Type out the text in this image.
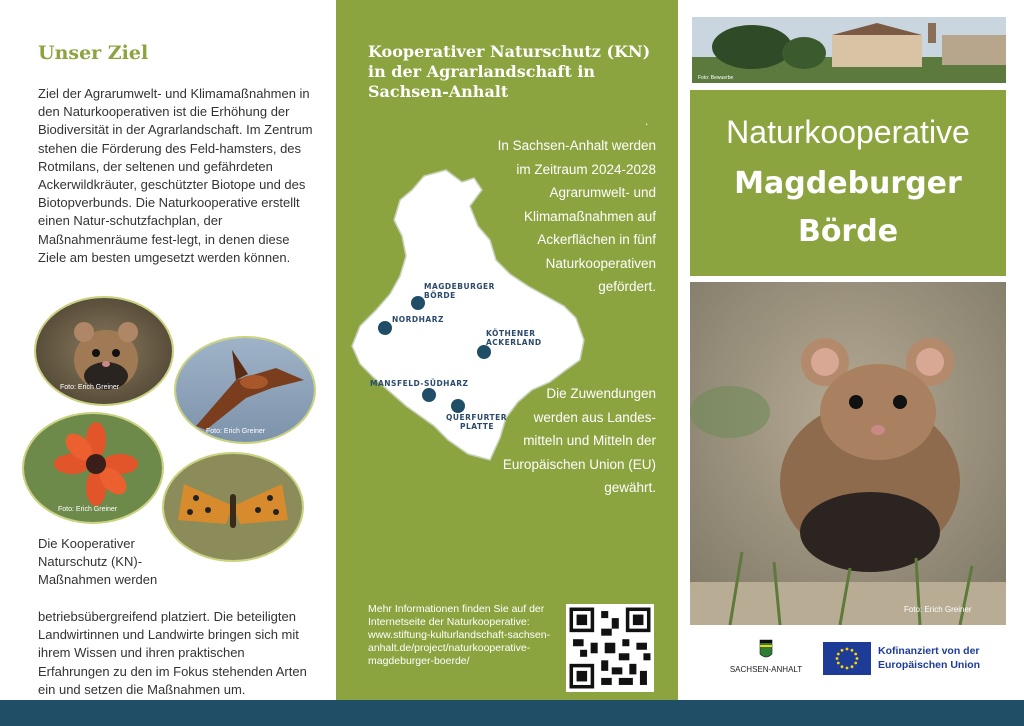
Unser Ziel
Ziel der Agrarumwelt- und Klimamaßnahmen in den Naturkooperativen ist die Erhöhung der Biodiversität in der Agrarlandschaft. Im Zentrum stehen die Förderung des Feld-hamsters, des Rotmilans, der seltenen und gefährdeten Ackerwildkräuter, geschützter Biotope und des Biotopverbunds. Die Naturkooperative erstellt einen Natur-schutzfachplan, der Maßnahmenräume fest-legt, in denen diese Ziele am besten umgesetzt werden können.
Foto: Erich Greiner
Foto: Erich Greiner
Foto: Erich Greiner
Die Kooperativer Naturschutz (KN)-Maßnahmen werden
betriebsübergreifend platziert. Die beteiligten Landwirtinnen und Landwirte bringen sich mit ihrem Wissen und ihren praktischen Erfahrungen zu den im Fokus stehenden Arten ein und setzen die Maßnahmen um.
Kooperativer Naturschutz (KN) in der Agrarlandschaft in Sachsen-Anhalt
.
In Sachsen-Anhalt werden im Zeitraum 2024-2028 Agrarumwelt- und Klimamaßnahmen auf Ackerflächen in fünf Naturkooperativen gefördert.
Die Zuwendungen werden aus Landes-mitteln und Mitteln der Europäischen Union (EU) gewährt.
MAGDEBURGER
BÖRDE
NORDHARZ
KÖTHENER
ACKERLAND
MANSFELD-SÜDHARZ
QUERFURTER
PLATTE
Mehr Informationen finden Sie auf der Internetseite der Naturkooperative: www.stiftung-kulturlandschaft-sachsen-anhalt.de/project/naturkooperative-magdeburger-boerde/
Foto: Bewuerbe
Naturkooperative
Magdeburger
Börde
Foto: Erich Greiner
SACHSEN-ANHALT
Kofinanziert von der Europäischen Union
